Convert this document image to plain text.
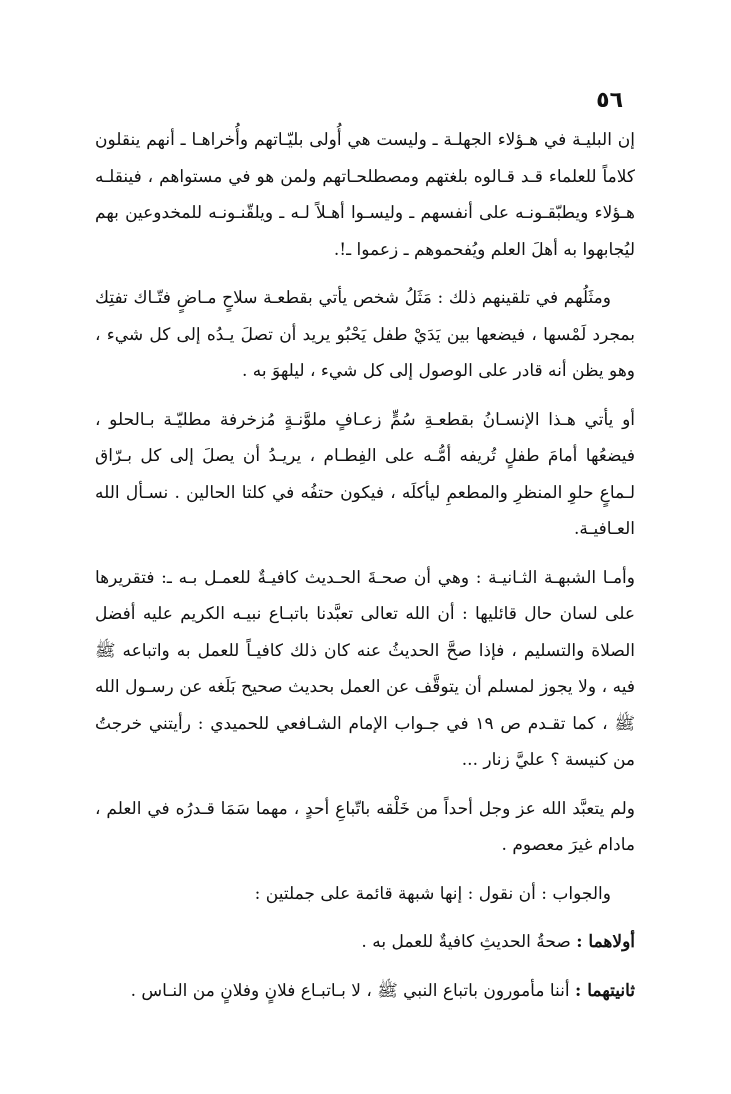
٥٦

إن البليـة في هـؤلاء الجهلـة ـ وليست هي أُولى بليّـاتهم وأُخراهـا ـ أنهم ينقلون كلاماً للعلماء قـد قـالوه بلغتهم ومصطلحـاتهم ولمن هو في مستواهم ، فينقلـه هـؤلاء ويطبّقـونـه على أنفسهم ـ وليسـوا أهـلاً لـه ـ ويلقّنـونـه للمخدوعين بهم ليُجابهوا به أهلَ العلم ويُفحموهم ـ زعموا ـ!.

ومثَلُهم في تلقينهم ذلك : مَثَلُ شخص يأتي بقطعـة سلاحٍ مـاضٍ فتّـاك تفتِك بمجرد لَمْسها ، فيضعها بين يَدَيْ طفل يَحْبُو يريد أن تصلَ يـدُه إلى كل شيء ، وهو يظن أنه قادر على الوصول إلى كل شيء ، ليلهوَ به .

أو يأتي هـذا الإنسـانُ بقطعـةِ سُمٍّ زعـافٍ ملوَّنـةٍ مُزخرفة مطليّـة بـالحلو ، فيضعُها أمامَ طفلٍ تُريفه أمُّـه على الفِطـام ، يريـدُ أن يصلَ إلى كل بـرّاق لـماعٍ حلوِ المنظرِ والمطعمِ ليأكلَه ، فيكون حتفُه في كلتا الحالين . نسـأل الله العـافيـة.

وأمـا الشبهـة الثـانيـة : وهي أن صحـةَ الحـديث كافيـةٌ للعمـل بـه ـ: فتقريرها على لسان حال قائليها : أن الله تعالى تعبَّدنا باتبـاع نبيـه الكريم عليه أفضل الصلاة والتسليم ، فإذا صحَّ الحديثُ عنه كان ذلك كافيـاً للعمل به واتباعه ﷺ فيه ، ولا يجوز لمسلم أن يتوقَّف عن العمل بحديث صحيح بَلَغه عن رسـول الله ﷺ ، كما تقـدم ص ١٩ في جـواب الإمام الشـافعي للحميدي : رأيتني خرجتُ من كنيسة ؟ عليَّ زنار ...

ولم يتعبَّد الله عز وجل أحداً من خَلْقه باتّباعِ أحدٍ ، مهما سَمَا قـدرُه في العلم ، مادام غيرَ معصوم .

والجواب : أن نقول : إنها شبهة قائمة على جملتين :

أولاهما : صحةُ الحديثِ كافيةٌ للعمل به .

ثانيتهما : أننا مأمورون باتباع النبي ﷺ ، لا بـاتبـاع فلانٍ وفلانٍ من النـاس .
